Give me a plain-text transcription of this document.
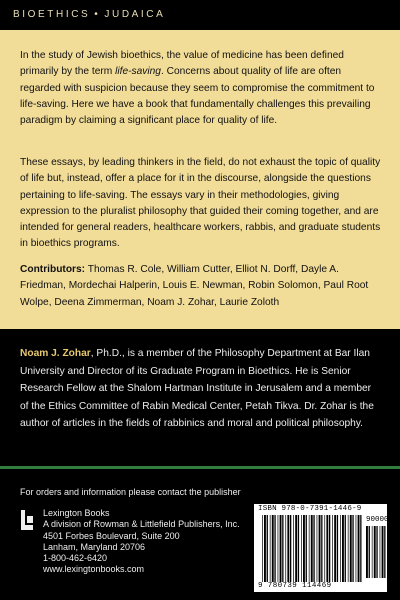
BIOETHICS • JUDAICA
In the study of Jewish bioethics, the value of medicine has been defined primarily by the term life-saving. Concerns about quality of life are often regarded with suspicion because they seem to compromise the commitment to life-saving. Here we have a book that fundamentally challenges this prevailing paradigm by claiming a significant place for quality of life.
These essays, by leading thinkers in the field, do not exhaust the topic of quality of life but, instead, offer a place for it in the discourse, alongside the questions pertaining to life-saving. The essays vary in their methodologies, giving expression to the pluralist philosophy that guided their coming together, and are intended for general readers, healthcare workers, rabbis, and graduate students in bioethics programs.
Contributors: Thomas R. Cole, William Cutter, Elliot N. Dorff, Dayle A. Friedman, Mordechai Halperin, Louis E. Newman, Robin Solomon, Paul Root Wolpe, Deena Zimmerman, Noam J. Zohar, Laurie Zoloth
Noam J. Zohar, Ph.D., is a member of the Philosophy Department at Bar Ilan University and Director of its Graduate Program in Bioethics. He is Senior Research Fellow at the Shalom Hartman Institute in Jerusalem and a member of the Ethics Committee of Rabin Medical Center, Petah Tikva. Dr. Zohar is the author of articles in the fields of rabbinics and moral and political philosophy.
For orders and information please contact the publisher
Lexington Books
A division of Rowman & Littlefield Publishers, Inc.
4501 Forbes Boulevard, Suite 200
Lanham, Maryland 20706
1-800-462-6420
www.lexingtonbooks.com
ISBN 978-0-7391-1446-9
90000
9 780739 114469
